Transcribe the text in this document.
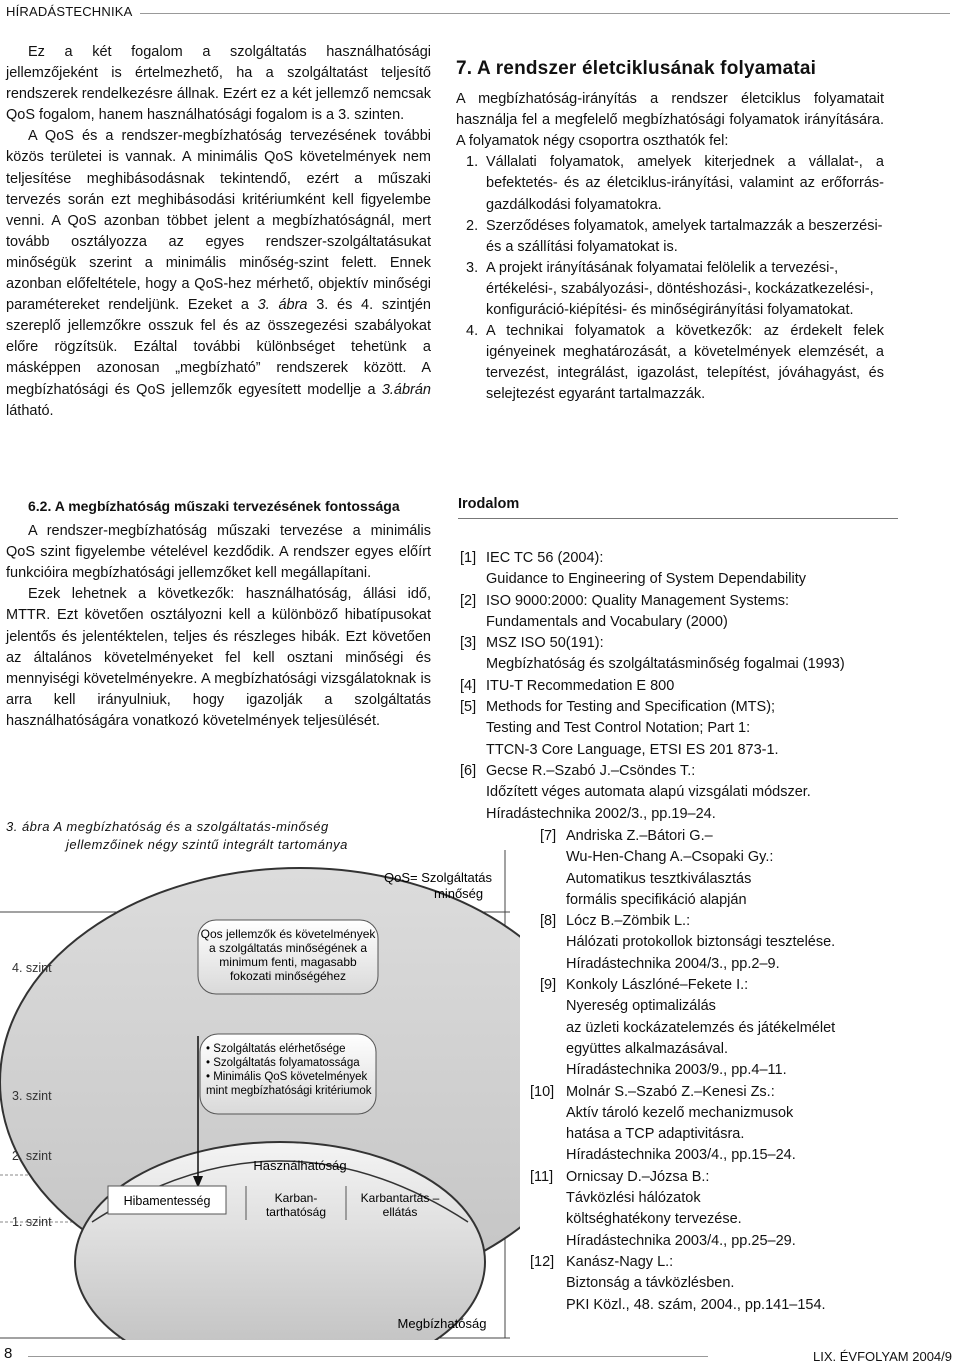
HÍRADÁSTECHNIKA

Ez a két fogalom a szolgáltatás használhatósági jellemzőjeként is értelmezhető, ha a szolgáltatást teljesítő rendszerek rendelkezésre állnak. Ezért ez a két jellemző nemcsak QoS fogalom, hanem használhatósági fogalom is a 3. szinten.

A QoS és a rendszer-megbízhatóság tervezésének további közös területei is vannak. A minimális QoS követelmények nem teljesítése meghibásodásnak tekintendő, ezért a műszaki tervezés során ezt meghibásodási kritériumként kell figyelembe venni. A QoS azonban többet jelent a megbízhatóságnál, mert tovább osztályozza az egyes rendszer-szolgáltatásukat minőségük szerint a minimális minőség-szint felett. Ennek azonban előfeltétele, hogy a QoS-hez mérhető, objektív minőségi paramétereket rendeljünk. Ezeket a 3. ábra 3. és 4. szintjén szereplő jellemzőkre osszuk fel és az összegezési szabályokat előre rögzítsük. Ezáltal további különbséget tehetünk a másképpen azonosan „megbízható” rendszerek között. A megbízhatósági és QoS jellemzők egyesített modellje a 3.ábrán látható.

6.2. A megbízhatóság műszaki tervezésének fontossága

A rendszer-megbízhatóság műszaki tervezése a minimális QoS szint figyelembe vételével kezdődik. A rendszer egyes előírt funkcióira megbízhatósági jellemzőket kell megállapítani.

Ezek lehetnek a következők: használhatóság, állási idő, MTTR. Ezt követően osztályozni kell a különböző hibatípusokat jelentős és jelentéktelen, teljes és részleges hibák. Ezt követően az általános követelményeket fel kell osztani minőségi és mennyiségi követelményekre. A megbízhatósági vizsgálatoknak is arra kell irányulniuk, hogy igazolják a szolgáltatás használhatóságára vonatkozó követelmények teljesülését.

3. ábra A megbízhatóság és a szolgáltatás-minőség
jellemzőinek négy szintű integrált tartománya
Qos jellemzők és követelmények
a szolgáltatás minőségének a
minimum fenti, magasabb
fokozati minőségéhez
• Szolgáltatás elérhetősége
• Szolgáltatás folyamatossága
• Minimális QoS követelmények
mint megbízhatósági kritériumok
QoS= Szolgáltatás
minőség
4. szint
3. szint
2. szint
1. szint
Használhatóság
Hibamentesség	Karban-
tarthatóság
Karbantartás –
ellátás
Megbízhatóság
7. A rendszer életciklusának folyamatai

A megbízhatóság-irányítás a rendszer életciklus folyamatait használja fel a megfelelő megbízhatósági folyamatok irányítására. A folyamatok négy csoportra oszthatók fel:

1. Vállalati folyamatok, amelyek kiterjednek a vállalat-, a befektetés- és az életciklus-irányítási, valamint az erőforrás-gazdálkodási folyamatokra.
2. Szerződéses folyamatok, amelyek tartalmazzák a beszerzési- és a szállítási folyamatokat is.
3. A projekt irányításának folyamatai felölelik a tervezési-, értékelési-, szabályozási-, döntéshozási-, kockázatkezelési-, konfiguráció-kiépítési- és minőségirányítási folyamatokat.
4. A technikai folyamatok a következők: az érdekelt felek igényeinek meghatározását, a követelmények elemzését, a tervezést, integrálást, igazolást, telepítést, jóváhagyást, és selejtezést egyaránt tartalmazzák.
Irodalom
[1] IEC TC 56 (2004):
Guidance to Engineering of System Dependability
[2] ISO 9000:2000: Quality Management Systems:
Fundamentals and Vocabulary (2000)
[3] MSZ ISO 50(191):
Megbízhatóság és szolgáltatásminőség fogalmai (1993)
[4] ITU-T Recommedation E 800
[5] Methods for Testing and Specification (MTS);
Testing and Test Control Notation; Part 1:
TTCN-3 Core Language, ETSI ES 201 873-1.
[6] Gecse R.–Szabó J.–Csöndes T.:
Időzített véges automata alapú vizsgálati módszer.
Híradástechnika 2002/3., pp.19–24.
[7] Andriska Z.–Bátori G.–
Wu-Hen-Chang A.–Csopaki Gy.:
Automatikus tesztkiválasztás
formális specifikáció alapján
[8] Lócz B.–Zömbik L.:
Hálózati protokollok biztonsági tesztelése.
Híradástechnika 2004/3., pp.2–9.
[9] Konkoly Lászlóné–Fekete I.:
Nyereség optimalizálás
az üzleti kockázatelemzés és játékelmélet
együttes alkalmazásával.
Híradástechnika 2003/9., pp.4–11.
[10] Molnár S.–Szabó Z.–Kenesi Zs.:
Aktív tároló kezelő mechanizmusok
hatása a TCP adaptivitásra.
Híradástechnika 2003/4., pp.15–24.
[11] Ornicsay D.–Józsa B.:
Távközlési hálózatok
költséghatékony tervezése.
Híradástechnika 2003/4., pp.25–29.
[12] Kanász-Nagy L.:
Biztonság a távközlésben.
PKI Közl., 48. szám, 2004., pp.141–154.
8	LIX. ÉVFOLYAM 2004/9
